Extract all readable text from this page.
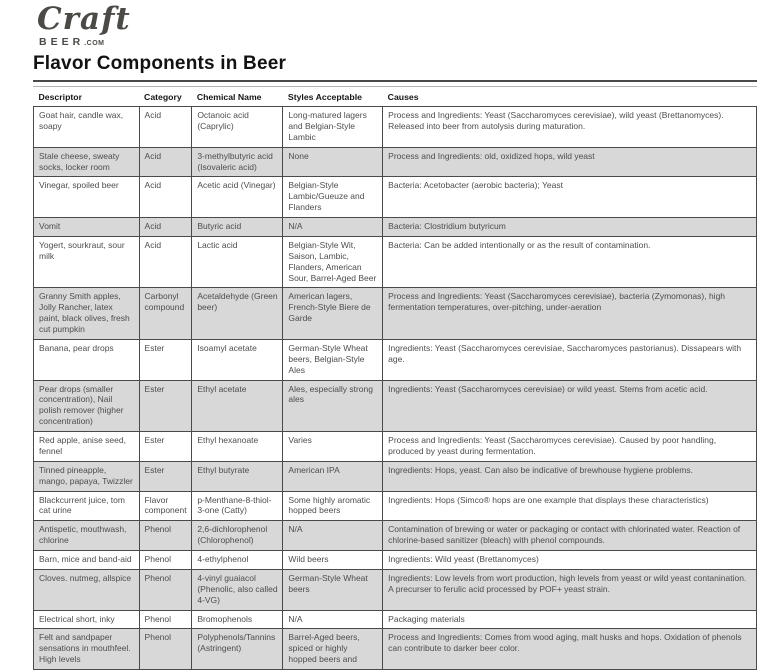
Craft
BEER.COM
Flavor Components in Beer
Descriptor	Category	Chemical Name	Styles Acceptable	Causes
Goat hair, candle wax, soapy	Acid	Octanoic acid (Caprylic)	Long-matured lagers and Belgian-Style Lambic	Process and Ingredients: Yeast (Saccharomyces cerevisiae), wild yeast (Brettanomyces). Released into beer from autolysis during maturation.
Stale cheese, sweaty socks, locker room	Acid	3-methylbutyric acid (Isovaleric acid)	None	Process and Ingredients: old, oxidized hops, wild yeast
Vinegar, spoiled beer	Acid	Acetic acid (Vinegar)	Belgian-Style Lambic/Gueuze and Flanders	Bacteria: Acetobacter (aerobic bacteria); Yeast
Vomit	Acid	Butyric acid	N/A	Bacteria: Clostridium butyricum
Yogert, sourkraut, sour milk	Acid	Lactic acid	Belgian-Style Wit, Saison, Lambic, Flanders, American Sour, Barrel-Aged Beer	Bacteria: Can be added intentionally or as the result of contamination.
Granny Smith apples, Jolly Rancher, latex paint, black olives, fresh cut pumpkin	Carbonyl compound	Acetaldehyde (Green beer)	American lagers, French-Style Biere de Garde	Process and Ingredients: Yeast (Saccharomyces cerevisiae), bacteria (Zymomonas), high fermentation temperatures, over-pitching, under-aeration
Banana, pear drops	Ester	Isoamyl acetate	German-Style Wheat beers, Belgian-Style Ales	Ingredients: Yeast (Saccharomyces cerevisiae, Saccharomyces pastorianus). Dissapears with age.
Pear drops (smaller concentration), Nail polish remover (higher concentration)	Ester	Ethyl acetate	Ales, especially strong ales	Ingredients: Yeast (Saccharomyces cerevisiae) or wild yeast. Stems from acetic acid.
Red apple, anise seed, fennel	Ester	Ethyl hexanoate	Varies	Process and Ingredients: Yeast (Saccharomyces cerevisiae). Caused by poor handling, produced by yeast during fermentation.
Tinned pineapple, mango, papaya, Twizzler	Ester	Ethyl butyrate	American IPA	Ingredients: Hops, yeast. Can also be indicative of brewhouse hygiene problems.
Blackcurrent juice, tom cat urine	Flavor component	p-Menthane-8-thiol-3-one (Catty)	Some highly aromatic hopped beers	Ingredients: Hops (Simco® hops are one example that displays these characteristics)
Antispetic, mouthwash, chlorine	Phenol	2,6-dichlorophenol (Chlorophenol)	N/A	Contamination of brewing or water or packaging or contact with chlorinated water. Reaction of chlorine-based sanitizer (bleach) with phenol compounds.
Barn, mice and band-aid	Phenol	4-ethylphenol	Wild beers	Ingredients: Wild yeast (Brettanomyces)
Cloves. nutmeg, allspice	Phenol	4-vinyl guaiacol (Phenolic, also called 4-VG)	German-Style Wheat beers	Ingredients: Low levels from wort production, high levels from yeast or wild yeast contanination. A precurser to ferulic acid processed by POF+ yeast strain.
Electrical short, inky	Phenol	Bromophenols	N/A	Packaging materials
Felt and sandpaper sensations in mouthfeel. High levels	Phenol	Polyphenols/Tannins (Astringent)	Barrel-Aged beers, spiced or highly hopped beers and	Process and Ingredients: Comes from wood aging, malt husks and hops. Oxidation of phenols can contribute to darker beer color.
